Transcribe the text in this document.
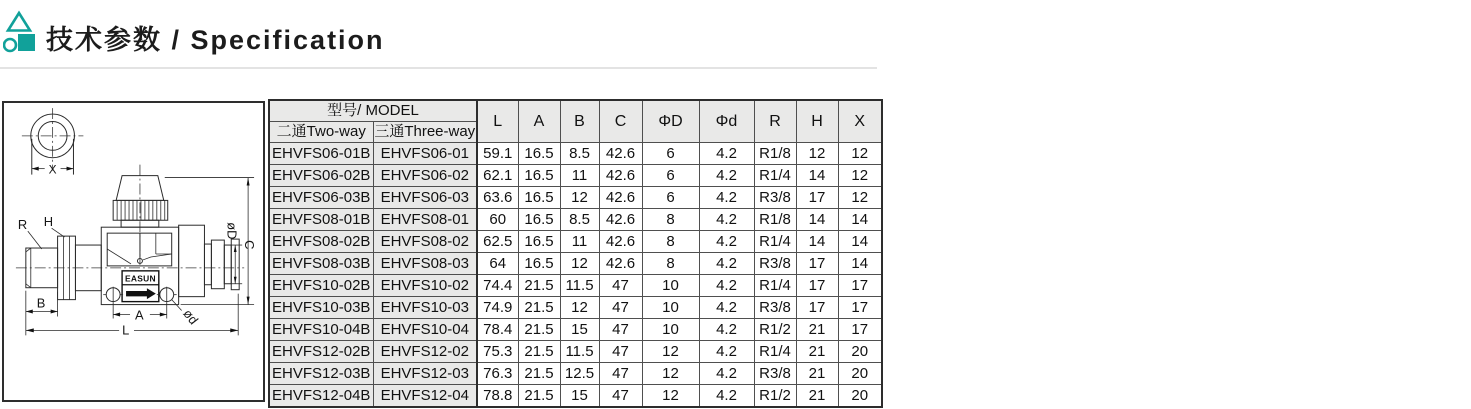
技术参数 / Specification
X
EASUN
R H
B
A
L
øD
C
ød
型号/ MODEL		L	A	B	C	ΦD	Φd	R	H	X
二通Two-way	三通Three-way									
EHVFS06-01B	EHVFS06-01	59.1	16.5	8.5	42.6	6	4.2	R1/8	12	12
EHVFS06-02B	EHVFS06-02	62.1	16.5	11	42.6	6	4.2	R1/4	14	12
EHVFS06-03B	EHVFS06-03	63.6	16.5	12	42.6	6	4.2	R3/8	17	12
EHVFS08-01B	EHVFS08-01	60	16.5	8.5	42.6	8	4.2	R1/8	14	14
EHVFS08-02B	EHVFS08-02	62.5	16.5	11	42.6	8	4.2	R1/4	14	14
EHVFS08-03B	EHVFS08-03	64	16.5	12	42.6	8	4.2	R3/8	17	14
EHVFS10-02B	EHVFS10-02	74.4	21.5	11.5	47	10	4.2	R1/4	17	17
EHVFS10-03B	EHVFS10-03	74.9	21.5	12	47	10	4.2	R3/8	17	17
EHVFS10-04B	EHVFS10-04	78.4	21.5	15	47	10	4.2	R1/2	21	17
EHVFS12-02B	EHVFS12-02	75.3	21.5	11.5	47	12	4.2	R1/4	21	20
EHVFS12-03B	EHVFS12-03	76.3	21.5	12.5	47	12	4.2	R3/8	21	20
EHVFS12-04B	EHVFS12-04	78.8	21.5	15	47	12	4.2	R1/2	21	20
